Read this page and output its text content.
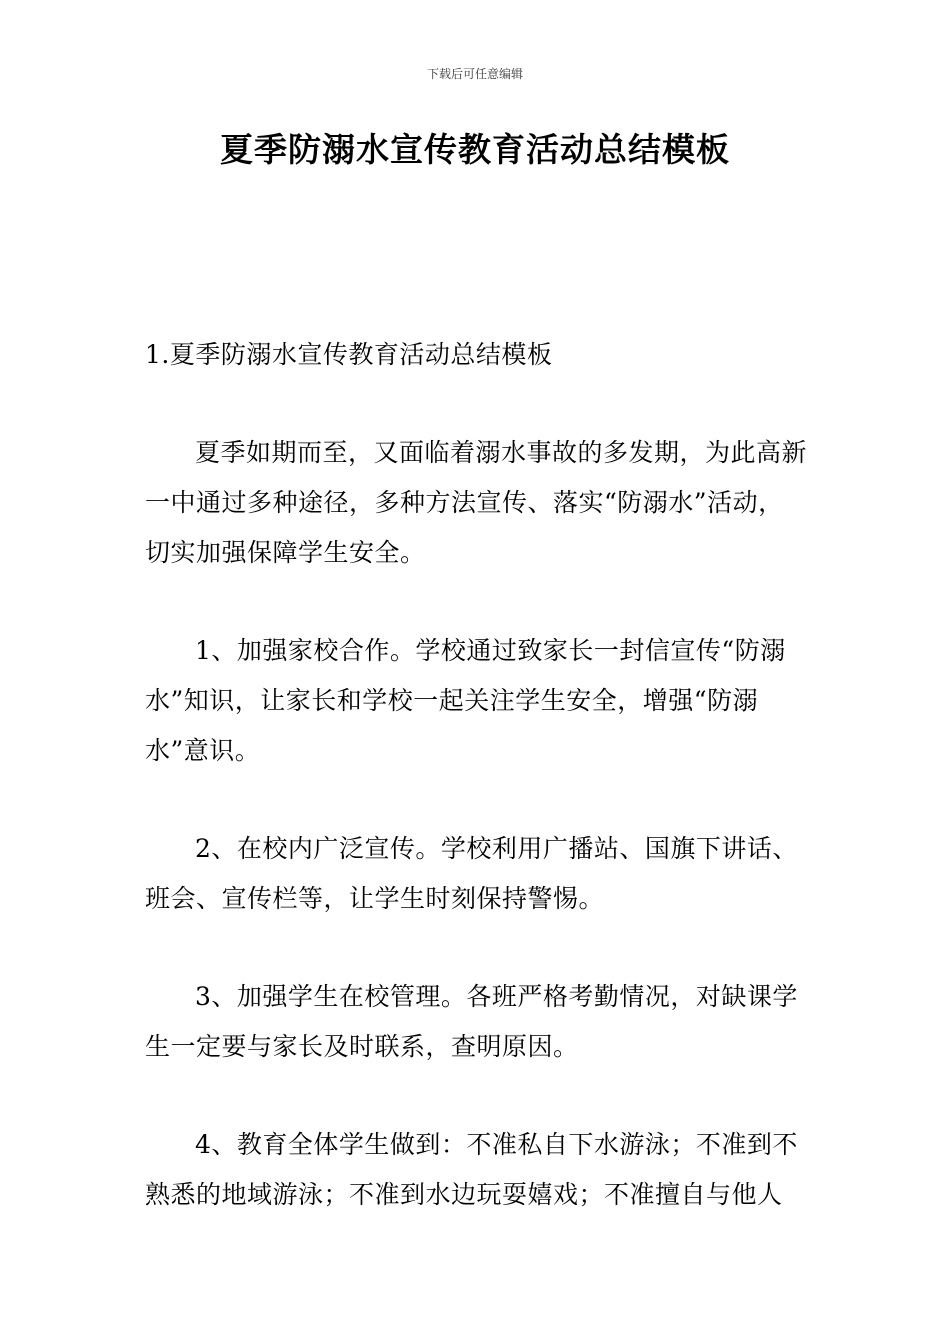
下载后可任意编辑
夏季防溺水宣传教育活动总结模板

1.夏季防溺水宣传教育活动总结模板

夏季如期而至，又面临着溺水事故的多发期，为此高新一中通过多种途径，多种方法宣传、落实“防溺水”活动，切实加强保障学生安全。

1、加强家校合作。学校通过致家长一封信宣传“防溺水”知识，让家长和学校一起关注学生安全，增强“防溺水”意识。

2、在校内广泛宣传。学校利用广播站、国旗下讲话、班会、宣传栏等，让学生时刻保持警惕。

3、加强学生在校管理。各班严格考勤情况，对缺课学生一定要与家长及时联系，查明原因。

4、教育全体学生做到：不准私自下水游泳；不准到不熟悉的地域游泳；不准到水边玩耍嬉戏；不准擅自与他人
